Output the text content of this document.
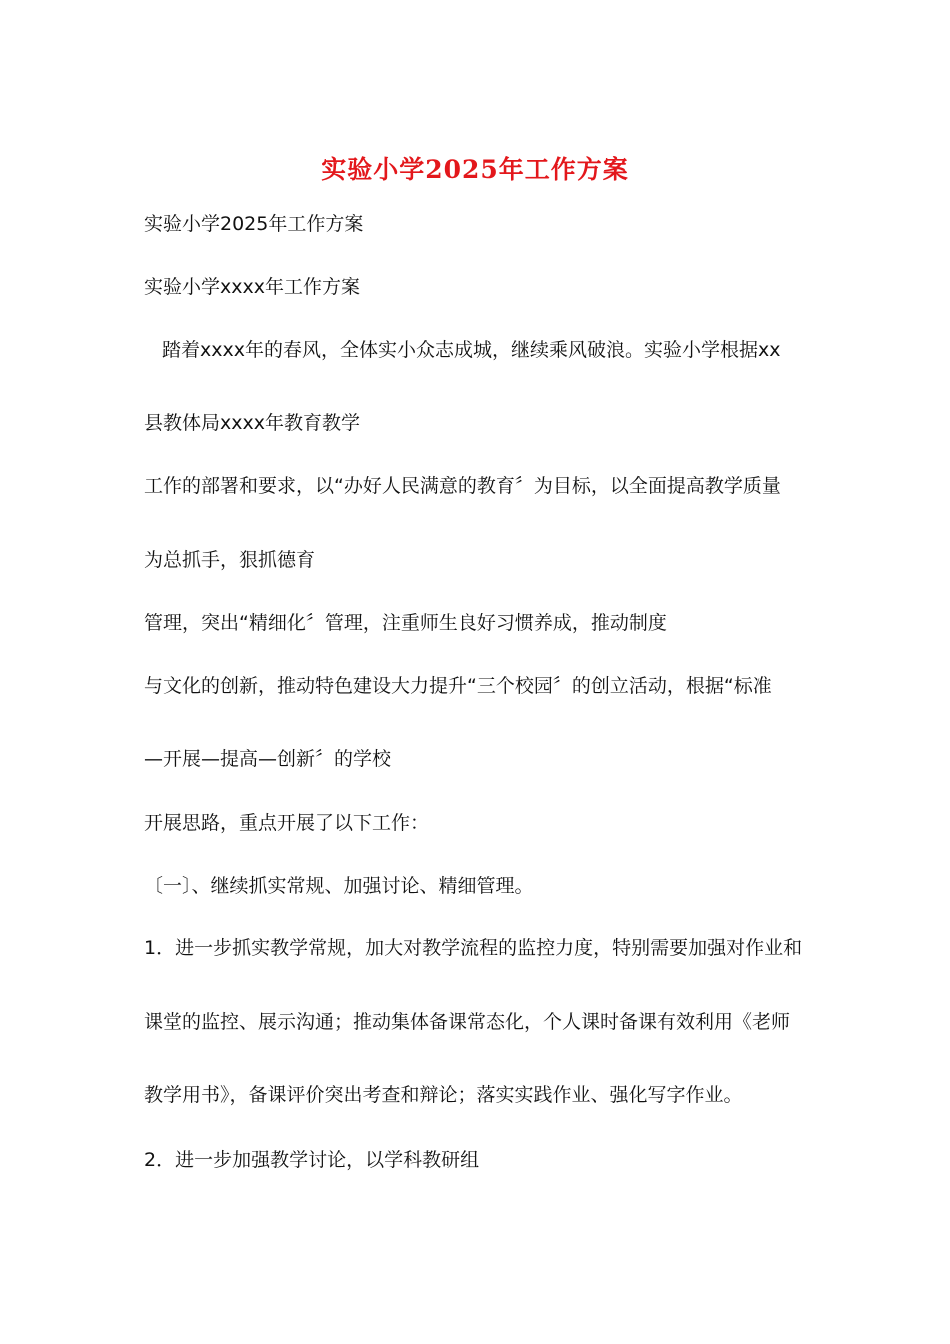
实验小学2025年工作方案
实验小学2025年工作方案
实验小学xxxx年工作方案
踏着xxxx年的春风，全体实小众志成城，继续乘风破浪。实验小学根据xx
县教体局xxxx年教育教学
工作的部署和要求，以“办好人民满意的教育〞为目标，以全面提高教学质量
为总抓手，狠抓德育
管理，突出“精细化〞管理，注重师生良好习惯养成，推动制度
与文化的创新，推动特色建设大力提升“三个校园〞的创立活动，根据“标准
—开展—提高—创新〞的学校
开展思路，重点开展了以下工作：
〔一〕、继续抓实常规、加强讨论、精细管理。
1．进一步抓实教学常规，加大对教学流程的监控力度，特别需要加强对作业和
课堂的监控、展示沟通；推动集体备课常态化，个人课时备课有效利用《老师
教学用书》，备课评价突出考查和辩论；落实实践作业、强化写字作业。
2．进一步加强教学讨论，以学科教研组
